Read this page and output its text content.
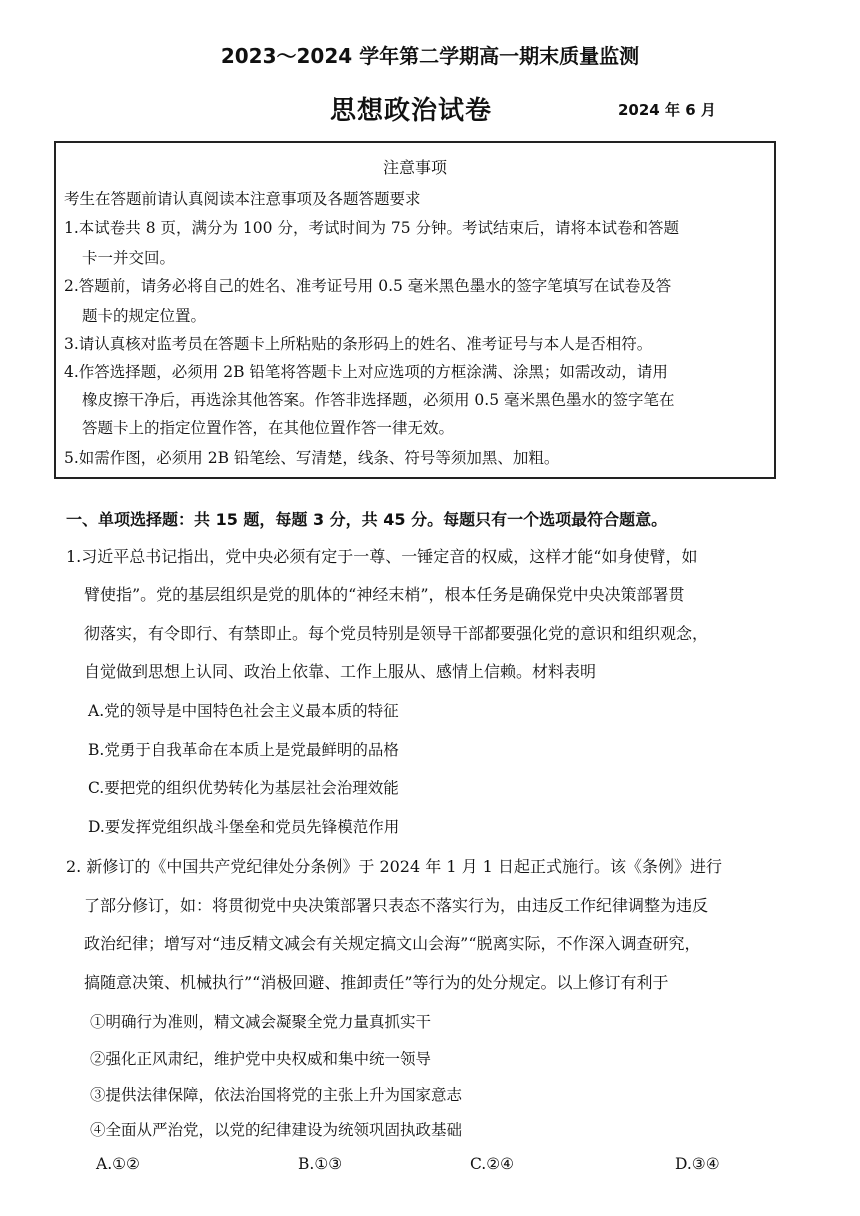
2023～2024 学年第二学期高一期末质量监测
思想政治试卷	2024 年 6 月
注意事项
考生在答题前请认真阅读本注意事项及各题答题要求
1.本试卷共 8 页，满分为 100 分，考试时间为 75 分钟。考试结束后，请将本试卷和答题
卡一并交回。
2.答题前，请务必将自己的姓名、准考证号用 0.5 毫米黑色墨水的签字笔填写在试卷及答
题卡的规定位置。
3.请认真核对监考员在答题卡上所粘贴的条形码上的姓名、准考证号与本人是否相符。
4.作答选择题，必须用 2B 铅笔将答题卡上对应选项的方框涂满、涂黑；如需改动，请用
橡皮擦干净后，再选涂其他答案。作答非选择题，必须用 0.5 毫米黑色墨水的签字笔在
答题卡上的指定位置作答，在其他位置作答一律无效。
5.如需作图，必须用 2B 铅笔绘、写清楚，线条、符号等须加黑、加粗。
一、单项选择题：共 15 题，每题 3 分，共 45 分。每题只有一个选项最符合题意。
1.习近平总书记指出，党中央必须有定于一尊、一锤定音的权威，这样才能“如身使臂，如
臂使指”。党的基层组织是党的肌体的“神经末梢”，根本任务是确保党中央决策部署贯
彻落实，有令即行、有禁即止。每个党员特别是领导干部都要强化党的意识和组织观念，
自觉做到思想上认同、政治上依靠、工作上服从、感情上信赖。材料表明
A.党的领导是中国特色社会主义最本质的特征
B.党勇于自我革命在本质上是党最鲜明的品格
C.要把党的组织优势转化为基层社会治理效能
D.要发挥党组织战斗堡垒和党员先锋模范作用
2. 新修订的《中国共产党纪律处分条例》于 2024 年 1 月 1 日起正式施行。该《条例》进行
了部分修订，如：将贯彻党中央决策部署只表态不落实行为，由违反工作纪律调整为违反
政治纪律；增写对“违反精文减会有关规定搞文山会海”“脱离实际，不作深入调查研究，
搞随意决策、机械执行”“消极回避、推卸责任”等行为的处分规定。以上修订有利于
①明确行为准则，精文减会凝聚全党力量真抓实干
②强化正风肃纪，维护党中央权威和集中统一领导
③提供法律保障，依法治国将党的主张上升为国家意志
④全面从严治党，以党的纪律建设为统领巩固执政基础
A.①②	B.①③	C.②④	D.③④
